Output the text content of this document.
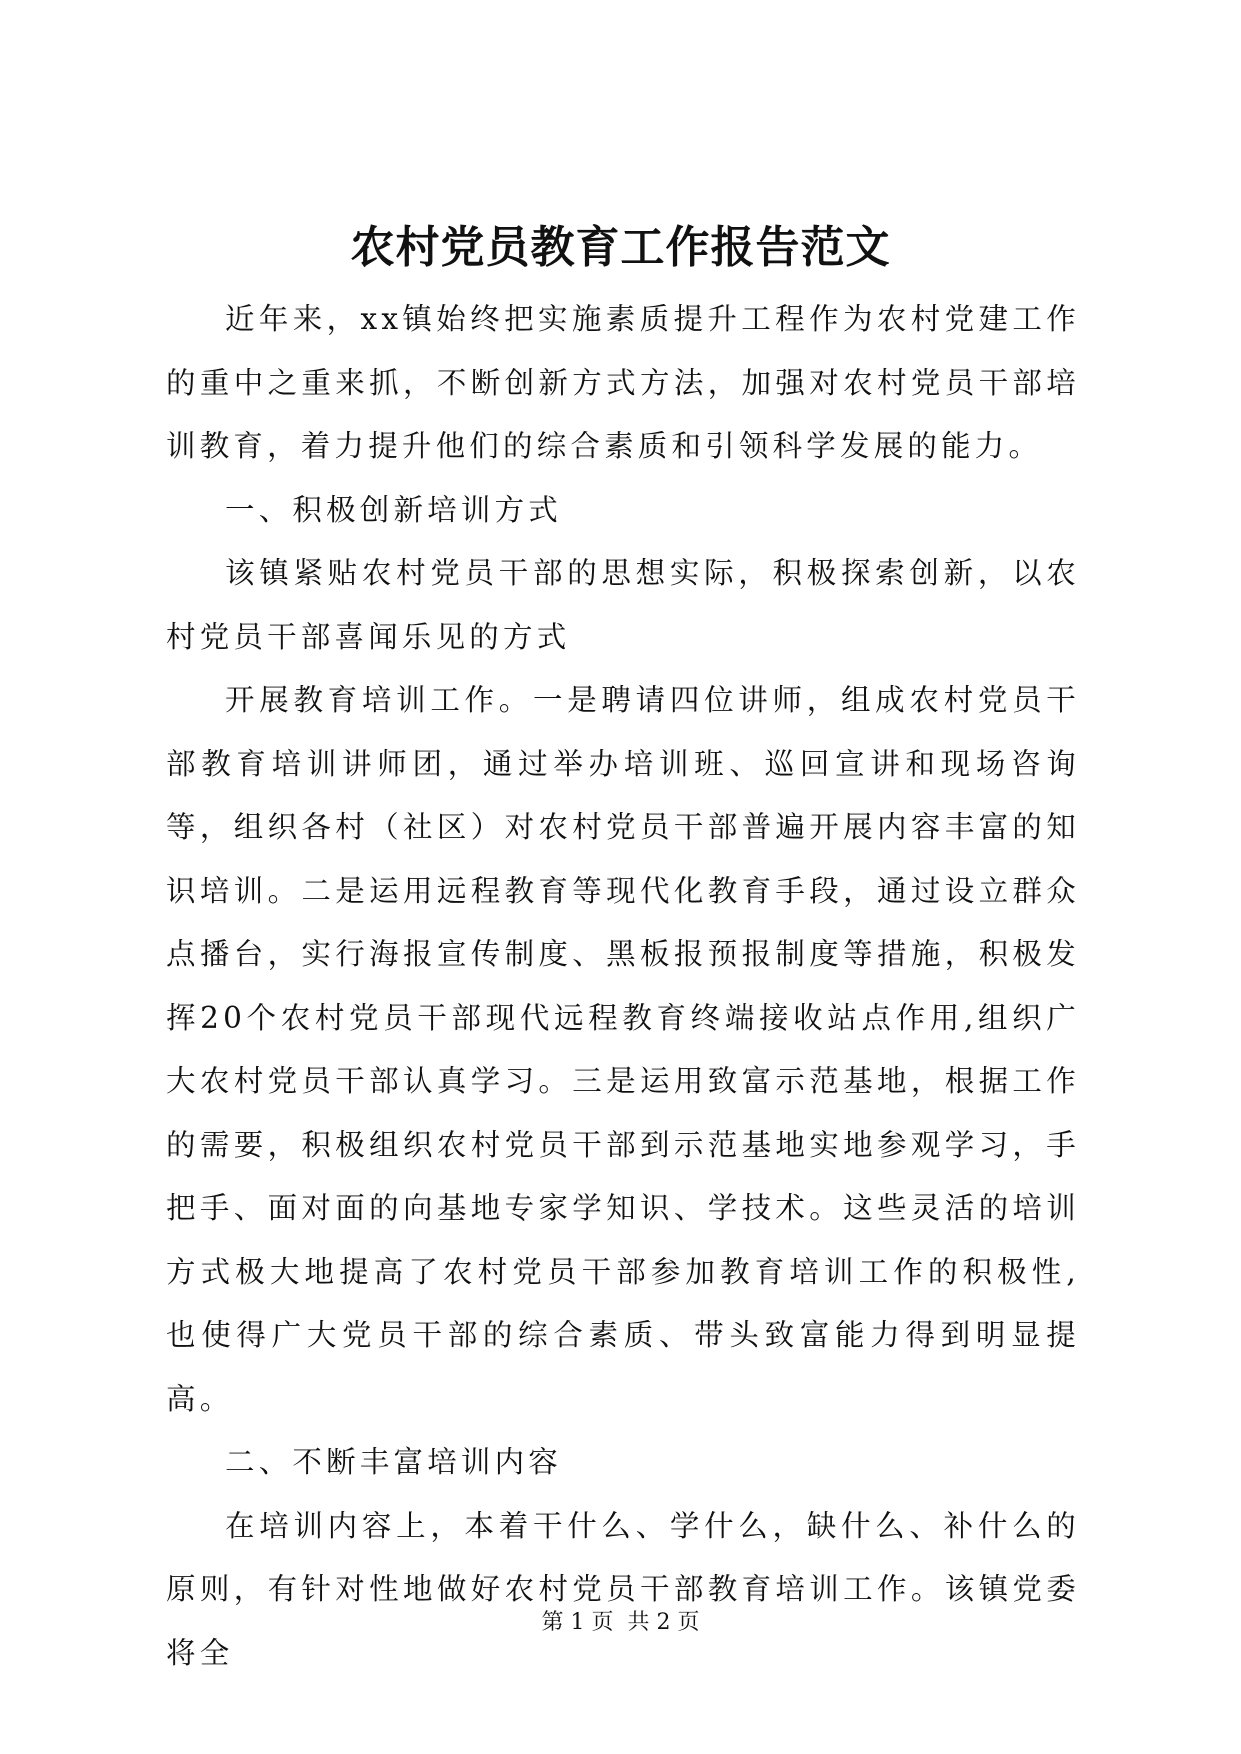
农村党员教育工作报告范文

近年来，xx镇始终把实施素质提升工程作为农村党建工作的重中之重来抓，不断创新方式方法，加强对农村党员干部培训教育，着力提升他们的综合素质和引领科学发展的能力。

一、积极创新培训方式

该镇紧贴农村党员干部的思想实际，积极探索创新，以农村党员干部喜闻乐见的方式

开展教育培训工作。一是聘请四位讲师，组成农村党员干部教育培训讲师团，通过举办培训班、巡回宣讲和现场咨询等，组织各村（社区）对农村党员干部普遍开展内容丰富的知识培训。二是运用远程教育等现代化教育手段，通过设立群众点播台，实行海报宣传制度、黑板报预报制度等措施，积极发挥20个农村党员干部现代远程教育终端接收站点作用,组织广大农村党员干部认真学习。三是运用致富示范基地，根据工作的需要，积极组织农村党员干部到示范基地实地参观学习，手把手、面对面的向基地专家学知识、学技术。这些灵活的培训方式极大地提高了农村党员干部参加教育培训工作的积极性,也使得广大党员干部的综合素质、带头致富能力得到明显提高。

二、不断丰富培训内容

在培训内容上，本着干什么、学什么，缺什么、补什么的原则，有针对性地做好农村党员干部教育培训工作。该镇党委将全

第 1 页  共 2 页
